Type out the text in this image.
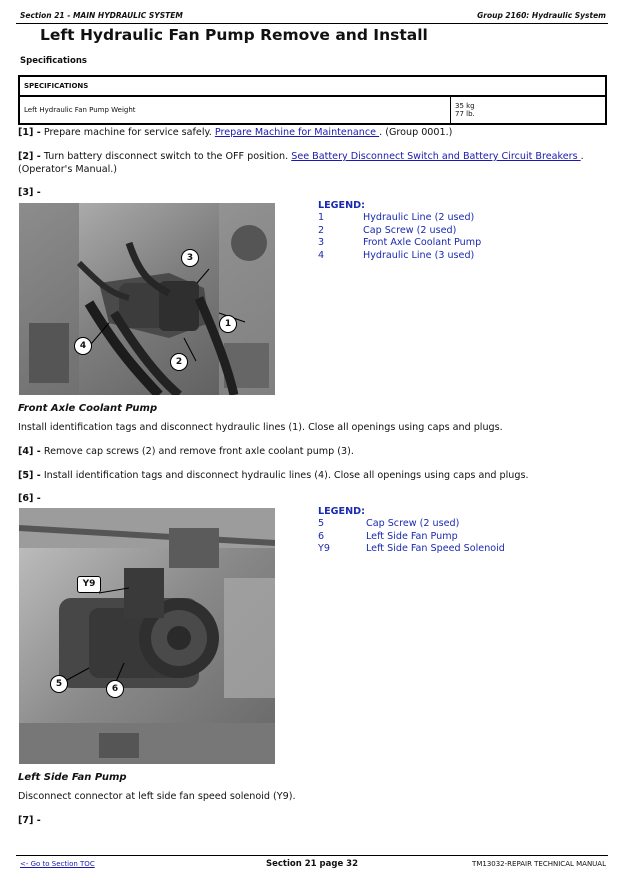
Section 21 - MAIN HYDRAULIC SYSTEM	Group 2160: Hydraulic System
Left Hydraulic Fan Pump Remove and Install
Specifications
SPECIFICATIONS
Left Hydraulic Fan Pump Weight	35 kg
77 lb.
[1] - Prepare machine for service safely. Prepare Machine for Maintenance . (Group 0001.)
[2] - Turn battery disconnect switch to the OFF position. See Battery Disconnect Switch and Battery Circuit Breakers .
(Operator's Manual.)
[3] -
3
1
4
2
LEGEND:
1	Hydraulic Line (2 used)
2	Cap Screw (2 used)
3	Front Axle Coolant Pump
4	Hydraulic Line (3 used)
Front Axle Coolant Pump
Install identification tags and disconnect hydraulic lines (1). Close all openings using caps and plugs.
[4] - Remove cap screws (2) and remove front axle coolant pump (3).
[5] - Install identification tags and disconnect hydraulic lines (4). Close all openings using caps and plugs.
[6] -
Y9
5	6
LEGEND:
5	Cap Screw (2 used)
6	Left Side Fan Pump
Y9	Left Side Fan Speed Solenoid
Left Side Fan Pump
Disconnect connector at left side fan speed solenoid (Y9).
[7] -
<- Go to Section TOC	Section 21 page 32	TM13032-REPAIR TECHNICAL MANUAL
